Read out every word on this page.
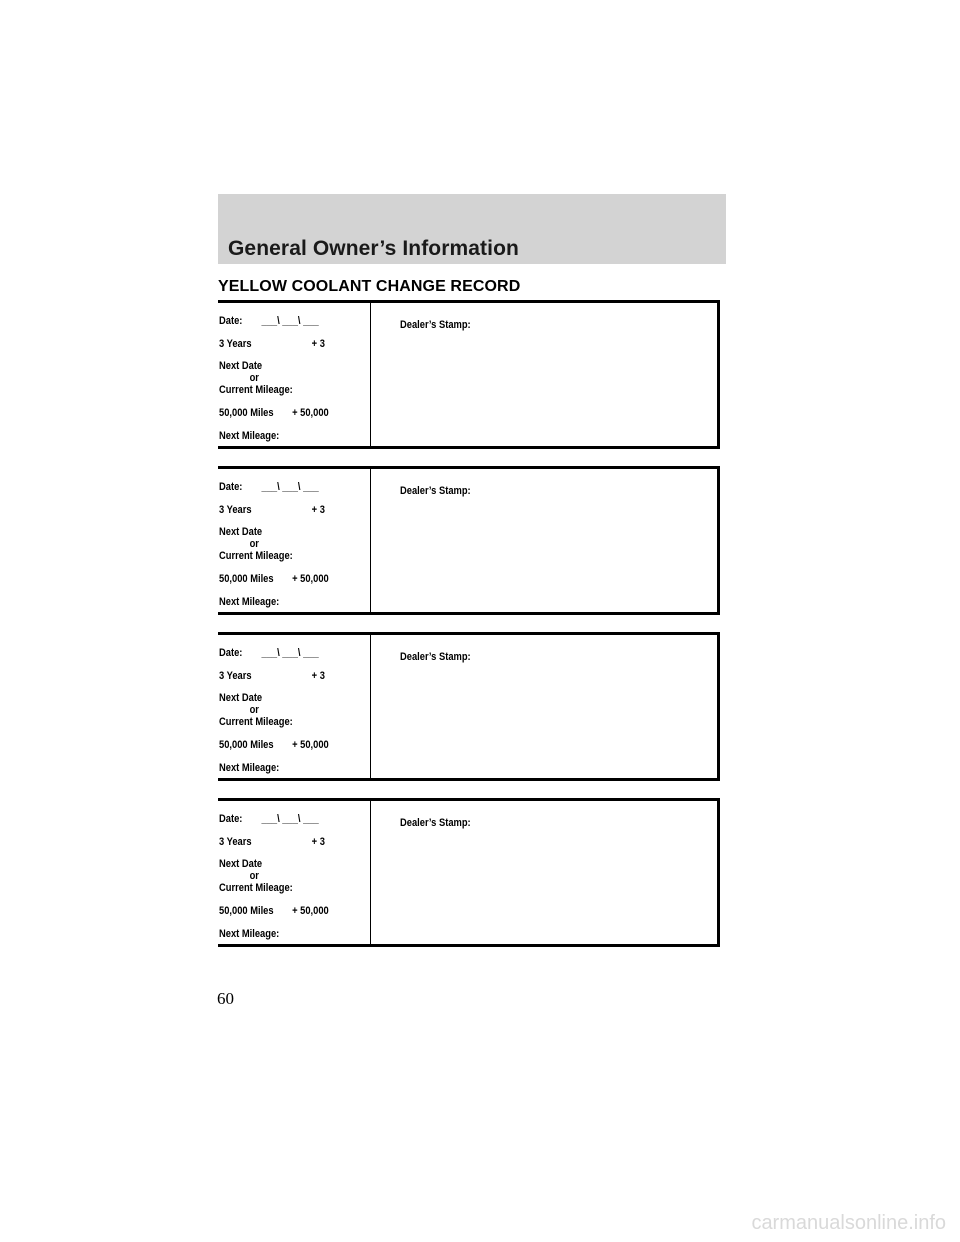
General Owner’s Information
YELLOW COOLANT CHANGE RECORD
Date: ___\ ___\ ___
3 Years	+ 3
Next Date
or
Current Mileage:
50,000 Miles + 50,000
Next Mileage:
Dealer’s Stamp:
Date: ___\ ___\ ___
3 Years	+ 3
Next Date
or
Current Mileage:
50,000 Miles + 50,000
Next Mileage:
Dealer’s Stamp:
Date: ___\ ___\ ___
3 Years	+ 3
Next Date
or
Current Mileage:
50,000 Miles + 50,000
Next Mileage:
Dealer’s Stamp:
Date: ___\ ___\ ___
3 Years	+ 3
Next Date
or
Current Mileage:
50,000 Miles + 50,000
Next Mileage:
Dealer’s Stamp:
60
carmanualsonline.info
